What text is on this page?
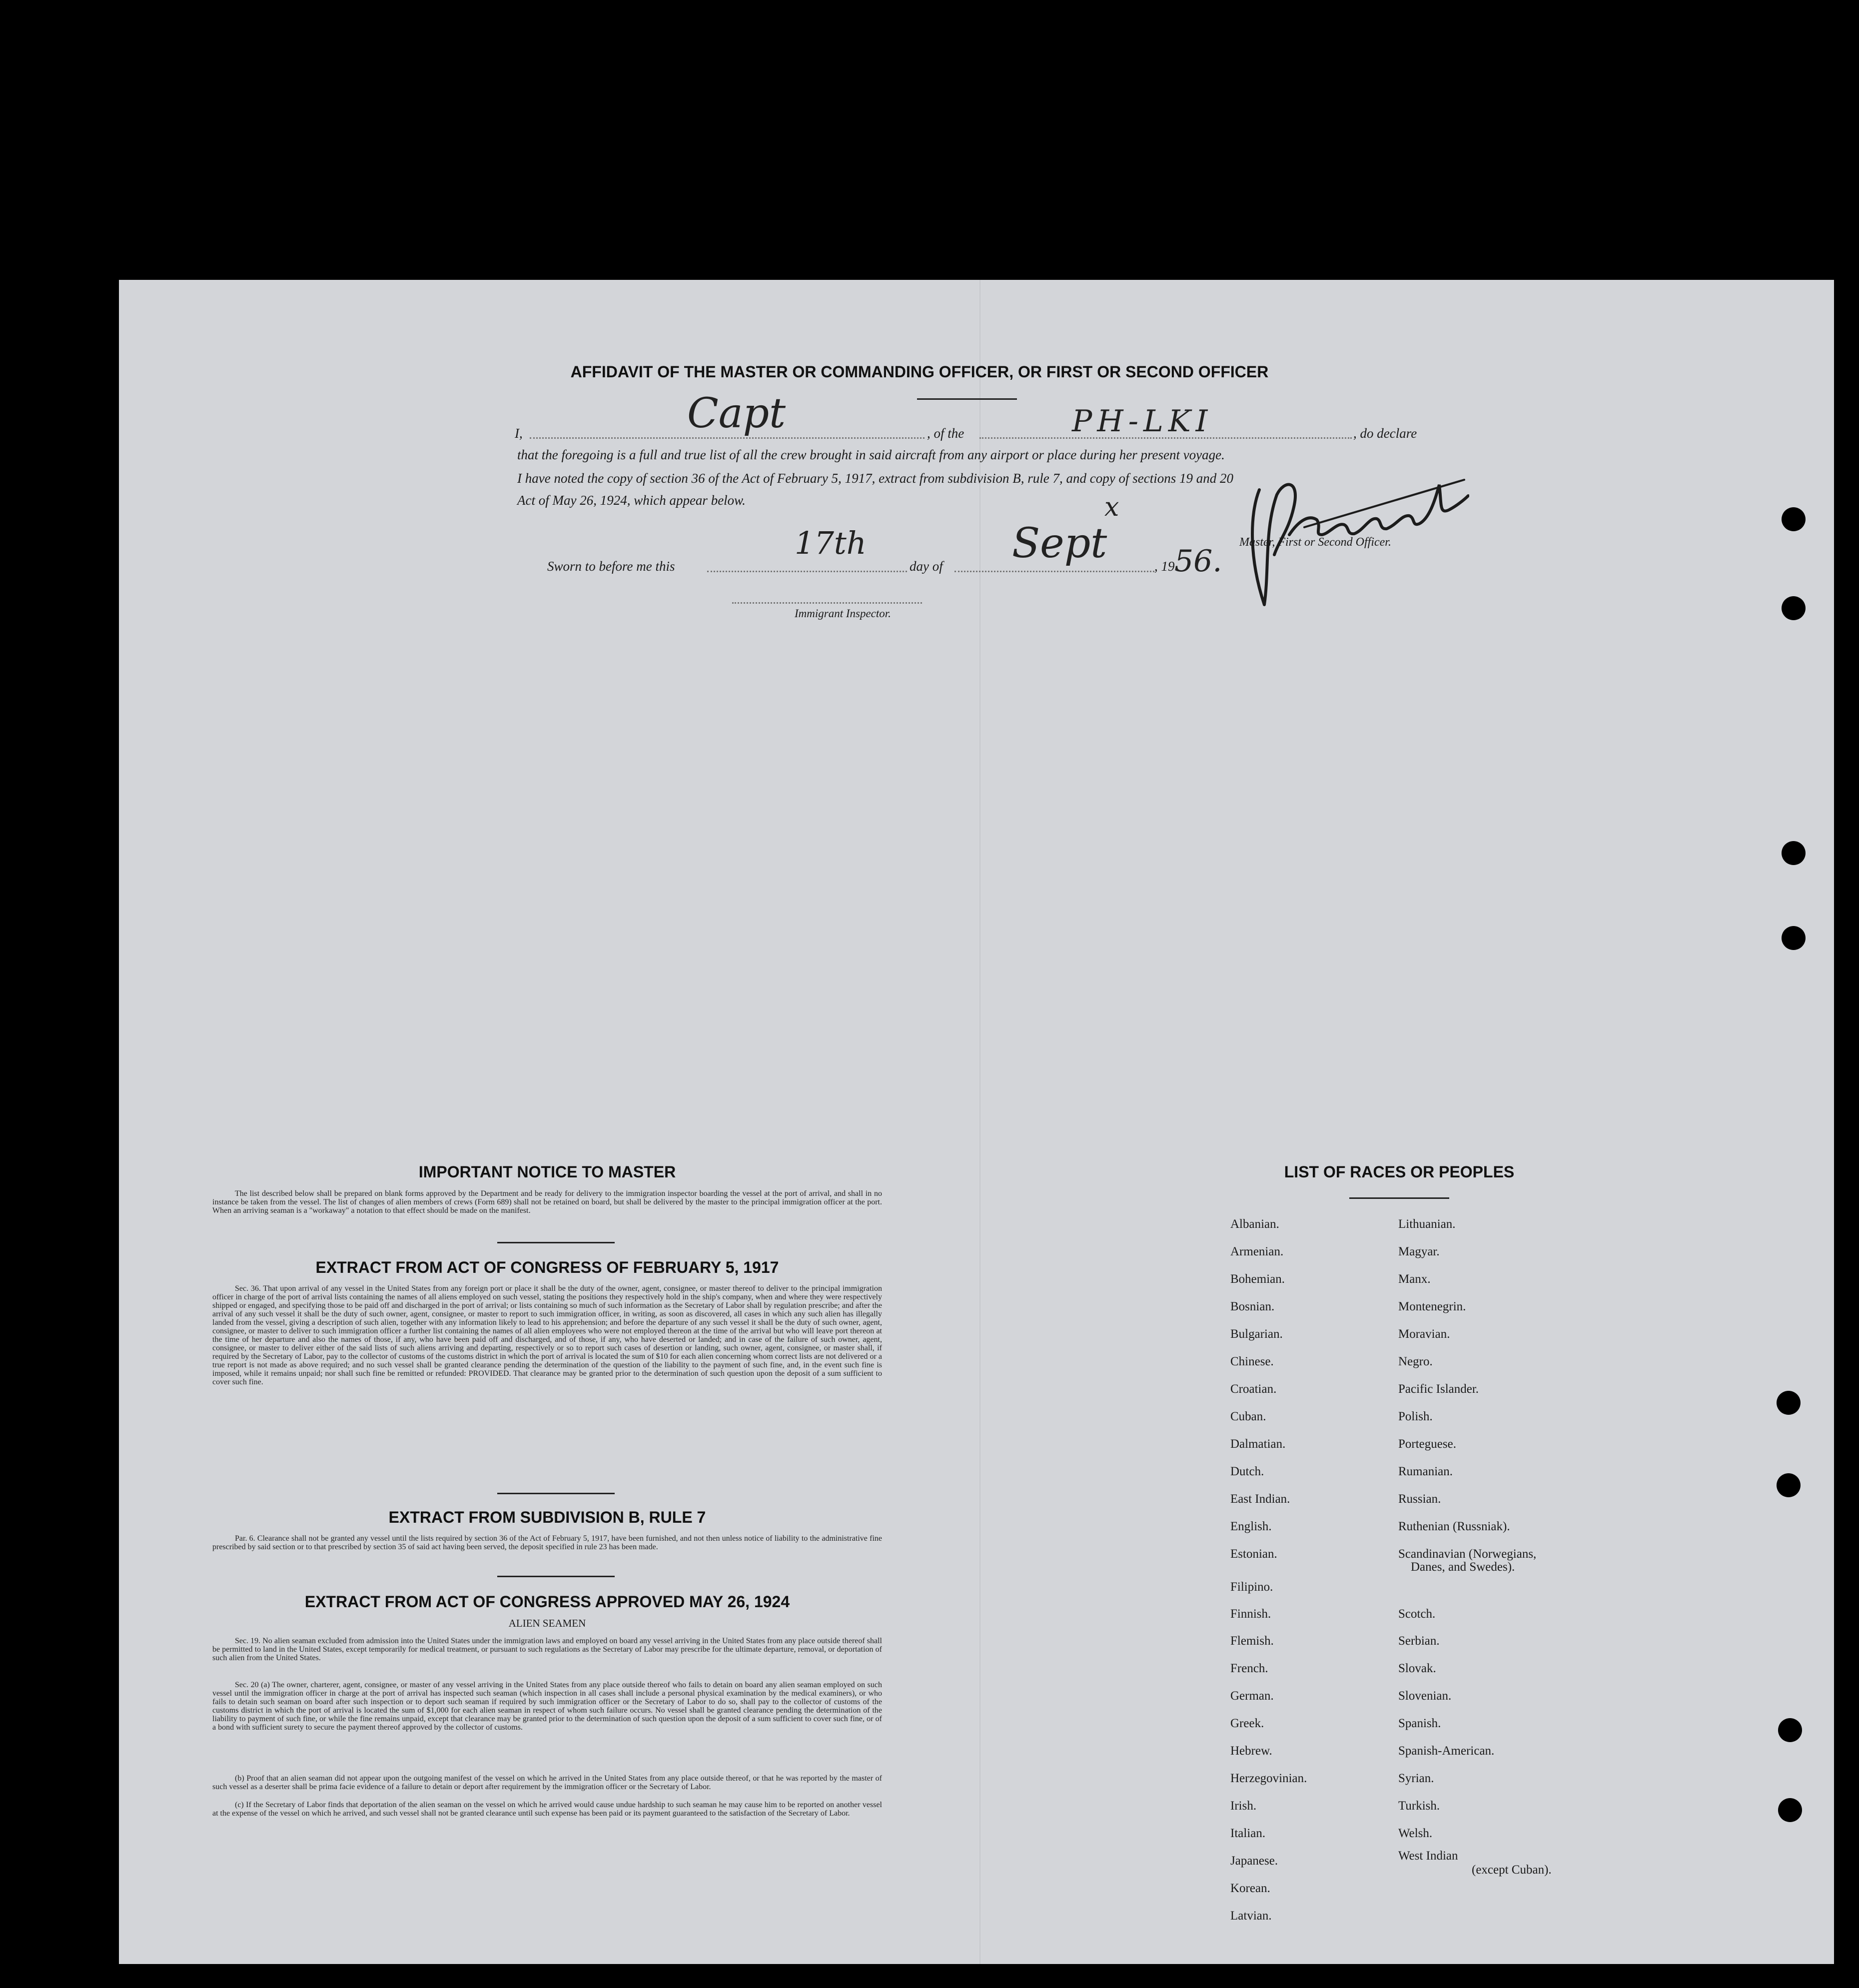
AFFIDAVIT OF THE MASTER OR COMMANDING OFFICER, OR FIRST OR SECOND OFFICER
I,	Capt	, of the	PH-LKI	, do declare
that the foregoing is a full and true list of all the crew brought in said aircraft from any airport or place during her present voyage.
I have noted the copy of section 36 of the Act of February 5, 1917, extract from subdivision B, rule 7, and copy of sections 19 and 20
Act of May 26, 1924, which appear below.
Sworn to before me this
17th
day of Sept
x
, 19 56.
Master, First or Second Officer.
Immigrant Inspector.
IMPORTANT NOTICE TO MASTER
The list described below shall be prepared on blank forms approved by the Department and be ready for delivery to the immigration inspector boarding the vessel at the port of arrival, and shall in no instance be taken from the vessel. The list of changes of alien members of crews (Form 689) shall not be retained on board, but shall be delivered by the master to the principal immigration officer at the port. When an arriving seaman is a "workaway" a notation to that effect should be made on the manifest.
EXTRACT FROM ACT OF CONGRESS OF FEBRUARY 5, 1917
Sec. 36. That upon arrival of any vessel in the United States from any foreign port or place it shall be the duty of the owner, agent, consignee, or master thereof to deliver to the principal immigration officer in charge of the port of arrival lists containing the names of all aliens employed on such vessel, stating the positions they respectively hold in the ship's company, when and where they were respectively shipped or engaged, and specifying those to be paid off and discharged in the port of arrival; or lists containing so much of such information as the Secretary of Labor shall by regulation prescribe; and after the arrival of any such vessel it shall be the duty of such owner, agent, consignee, or master to report to such immigration officer, in writing, as soon as discovered, all cases in which any such alien has illegally landed from the vessel, giving a description of such alien, together with any information likely to lead to his apprehension; and before the departure of any such vessel it shall be the duty of such owner, agent, consignee, or master to deliver to such immigration officer a further list containing the names of all alien employees who were not employed thereon at the time of the arrival but who will leave port thereon at the time of her departure and also the names of those, if any, who have been paid off and discharged, and of those, if any, who have deserted or landed; and in case of the failure of such owner, agent, consignee, or master to deliver either of the said lists of such aliens arriving and departing, respectively or so to report such cases of desertion or landing, such owner, agent, consignee, or master shall, if required by the Secretary of Labor, pay to the collector of customs of the customs district in which the port of arrival is located the sum of $10 for each alien concerning whom correct lists are not delivered or a true report is not made as above required; and no such vessel shall be granted clearance pending the determination of the question of the liability to the payment of such fine, and, in the event such fine is imposed, while it remains unpaid; nor shall such fine be remitted or refunded: PROVIDED. That clearance may be granted prior to the determination of such question upon the deposit of a sum sufficient to cover such fine.
EXTRACT FROM SUBDIVISION B, RULE 7
Par. 6. Clearance shall not be granted any vessel until the lists required by section 36 of the Act of February 5, 1917, have been furnished, and not then unless notice of liability to the administrative fine prescribed by said section or to that prescribed by section 35 of said act having been served, the deposit specified in rule 23 has been made.
EXTRACT FROM ACT OF CONGRESS APPROVED MAY 26, 1924
ALIEN SEAMEN
Sec. 19. No alien seaman excluded from admission into the United States under the immigration laws and employed on board any vessel arriving in the United States from any place outside thereof shall be permitted to land in the United States, except temporarily for medical treatment, or pursuant to such regulations as the Secretary of Labor may prescribe for the ultimate departure, removal, or deportation of such alien from the United States.
Sec. 20 (a) The owner, charterer, agent, consignee, or master of any vessel arriving in the United States from any place outside thereof who fails to detain on board any alien seaman employed on such vessel until the immigration officer in charge at the port of arrival has inspected such seaman (which inspection in all cases shall include a personal physical examination by the medical examiners), or who fails to detain such seaman on board after such inspection or to deport such seaman if required by such immigration officer or the Secretary of Labor to do so, shall pay to the collector of customs of the customs district in which the port of arrival is located the sum of $1,000 for each alien seaman in respect of whom such failure occurs. No vessel shall be granted clearance pending the determination of the liability to payment of such fine, or while the fine remains unpaid, except that clearance may be granted prior to the determination of such question upon the deposit of a sum sufficient to cover such fine, or of a bond with sufficient surety to secure the payment thereof approved by the collector of customs.
(b) Proof that an alien seaman did not appear upon the outgoing manifest of the vessel on which he arrived in the United States from any place outside thereof, or that he was reported by the master of such vessel as a deserter shall be prima facie evidence of a failure to detain or deport after requirement by the immigration officer or the Secretary of Labor.
(c) If the Secretary of Labor finds that deportation of the alien seaman on the vessel on which he arrived would cause undue hardship to such seaman he may cause him to be reported on another vessel at the expense of the vessel on which he arrived, and such vessel shall not be granted clearance until such expense has been paid or its payment guaranteed to the satisfaction of the Secretary of Labor.
LIST OF RACES OR PEOPLES
Albanian.
Armenian.
Bohemian.
Bosnian.
Bulgarian.
Chinese.
Croatian.
Cuban.
Dalmatian.
Dutch.
East Indian.
English.
Estonian.
Filipino.
Finnish.
Flemish.
French.
German.
Greek.
Hebrew.
Herzegovinian.
Irish.
Italian.
Japanese.
Korean.
Latvian.
Lithuanian.
Magyar.
Manx.
Montenegrin.
Moravian.
Negro.
Pacific Islander.
Polish.
Porteguese.
Rumanian.
Russian.
Ruthenian (Russniak).
Scandinavian (Norwegians,
Danes, and Swedes).
Scotch.
Serbian.
Slovak.
Slovenian.
Spanish.
Spanish-American.
Syrian.
Turkish.
Welsh.
West Indian
(except Cuban).
